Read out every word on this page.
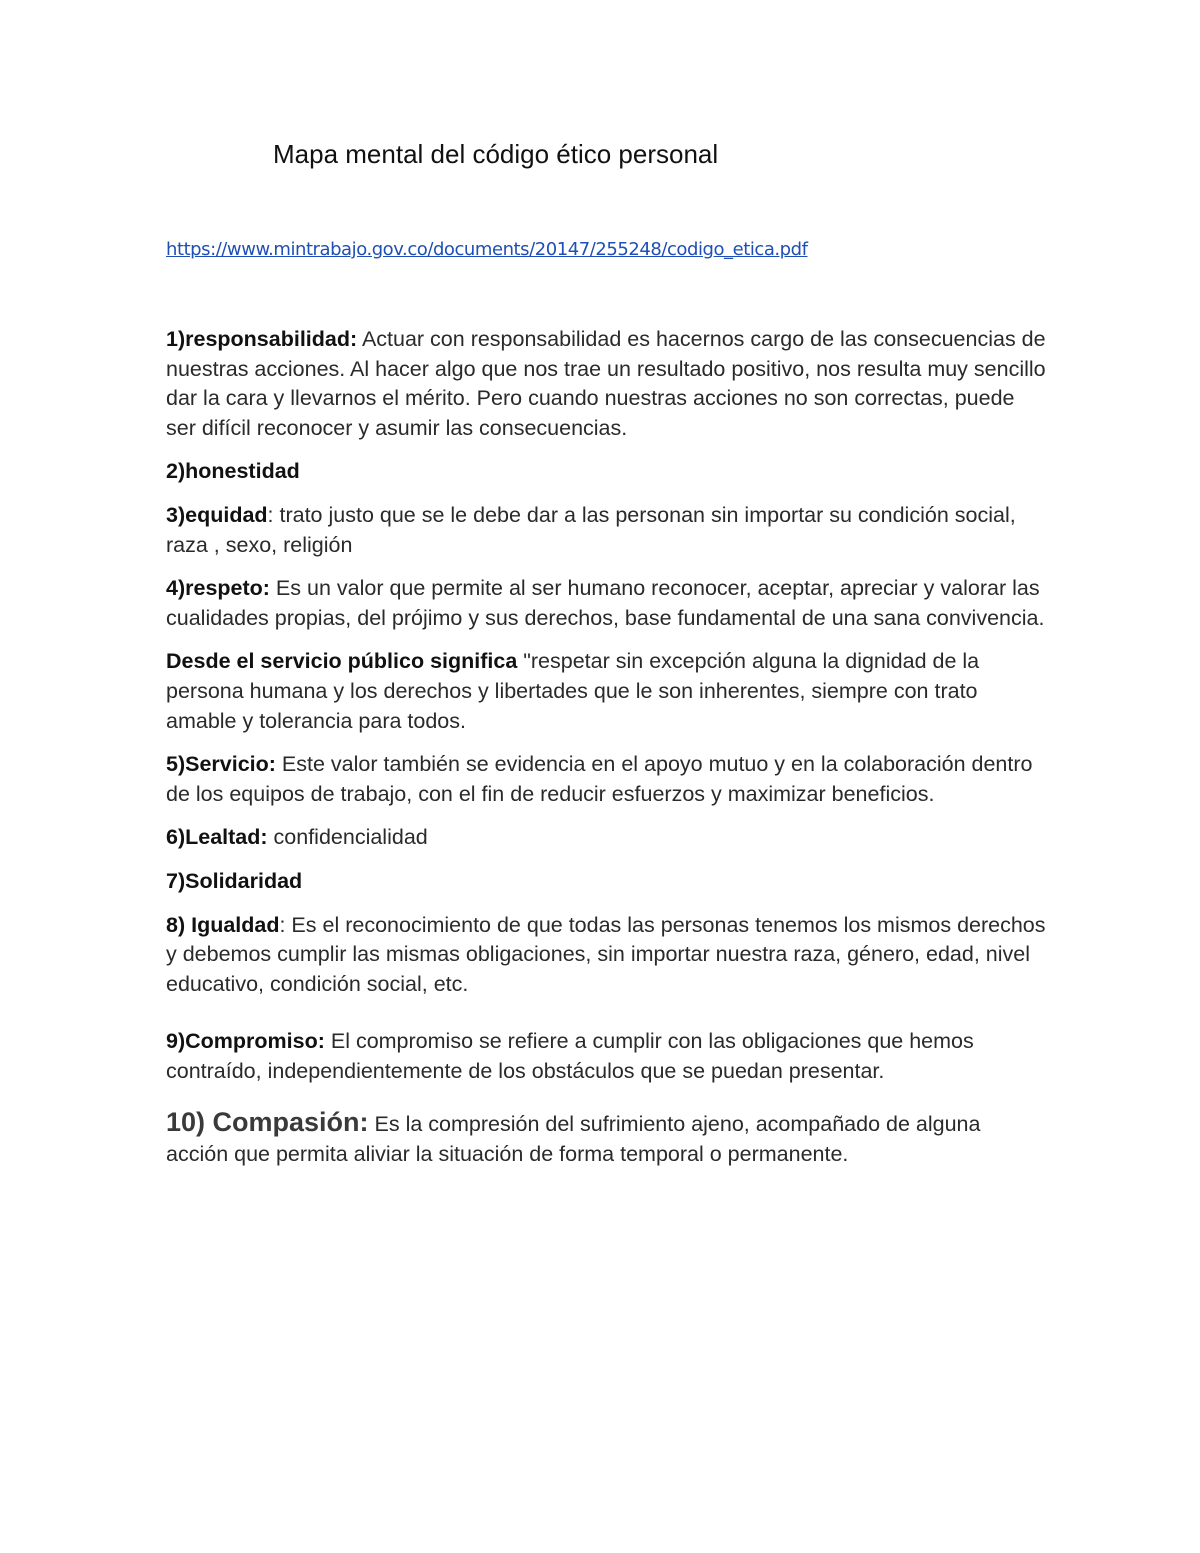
Mapa mental del código ético personal
https://www.mintrabajo.gov.co/documents/20147/255248/codigo_etica.pdf

1)responsabilidad: Actuar con responsabilidad es hacernos cargo de las consecuencias de nuestras acciones. Al hacer algo que nos trae un resultado positivo, nos resulta muy sencillo dar la cara y llevarnos el mérito. Pero cuando nuestras acciones no son correctas, puede ser difícil reconocer y asumir las consecuencias.

2)honestidad

3)equidad: trato justo que se le debe dar a las personan sin importar su condición social, raza , sexo, religión

4)respeto: Es un valor que permite al ser humano reconocer, aceptar, apreciar y valorar las cualidades propias, del prójimo y sus derechos, base fundamental de una sana convivencia.

Desde el servicio público significa "respetar sin excepción alguna la dignidad de la persona humana y los derechos y libertades que le son inherentes, siempre con trato amable y tolerancia para todos.

5)Servicio: Este valor también se evidencia en el apoyo mutuo y en la colaboración dentro de los equipos de trabajo, con el fin de reducir esfuerzos y maximizar beneficios.

6)Lealtad: confidencialidad

7)Solidaridad

8) Igualdad: Es el reconocimiento de que todas las personas tenemos los mismos derechos y debemos cumplir las mismas obligaciones, sin importar nuestra raza, género, edad, nivel educativo, condición social, etc.

9)Compromiso: El compromiso se refiere a cumplir con las obligaciones que hemos contraído, independientemente de los obstáculos que se puedan presentar.

10) Compasión: Es la compresión del sufrimiento ajeno, acompañado de alguna acción que permita aliviar la situación de forma temporal o permanente.
